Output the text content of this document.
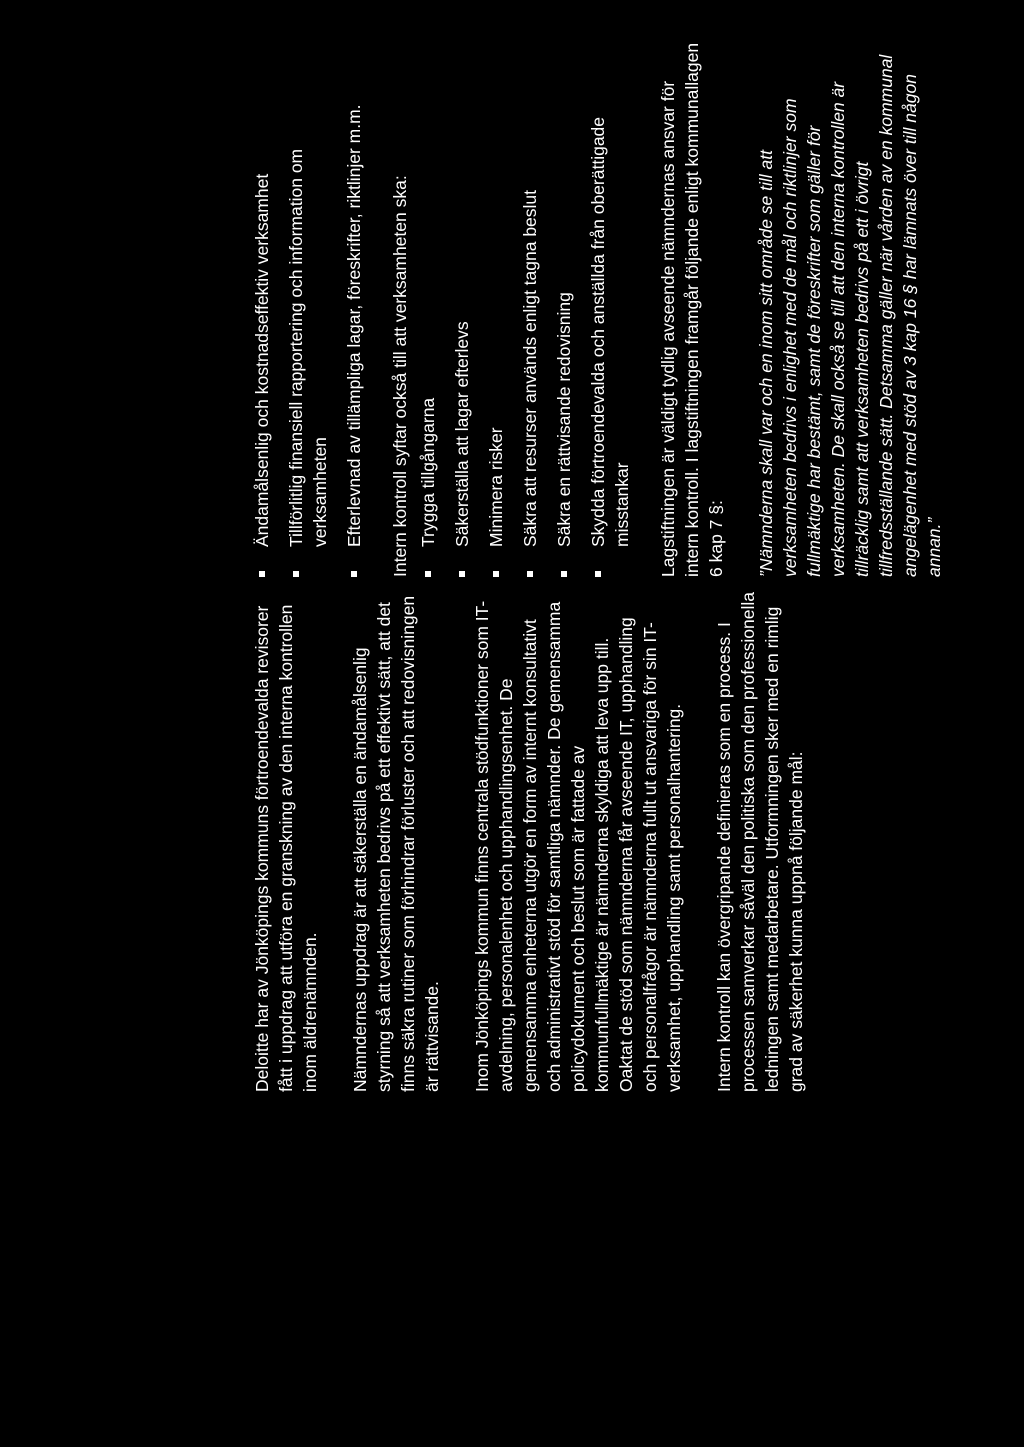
Deloitte har av Jönköpings kommuns förtroendevalda revisorer fått i uppdrag att utföra en granskning av den interna kontrollen inom äldrenämnden. Nämndernas uppdrag är att säkerställa en ändamålsenlig styrning så att verksamheten bedrivs på ett effektivt sätt, att det finns säkra rutiner som förhindrar förluster och att redovisningen är rättvisande. Inom Jönköpings kommun finns centrala stödfunktioner som IT-avdelning, personalenhet och upphandlingsenhet. De gemensamma enheterna utgör en form av internt konsultativt och administrativt stöd för samtliga nämnder. De gemensamma policydokument och beslut som är fattade av kommunfullmäktige är nämnderna skyldiga att leva upp till. Oaktat de stöd som nämnderna får avseende IT, upphandling och personalfrågor är nämnderna fullt ut ansvariga för sin IT-verksamhet, upphandling samt personalhantering. Intern kontroll kan övergripande definieras som en process. I processen samverkar såväl den politiska som den professionella ledningen samt medarbetare. Utformningen sker med en rimlig grad av säkerhet kunna uppnå följande mål:

Ändamålsenlig och kostnadseffektiv verksamhet Tillförlitlig finansiell rapportering och information om verksamheten Efterlevnad av tillämpliga lagar, föreskrifter, riktlinjer m.m. Intern kontroll syftar också till att verksamheten ska: Trygga tillgångarna Säkerställa att lagar efterlevs Minimera risker Säkra att resurser används enligt tagna beslut Säkra en rättvisande redovisning Skydda förtroendevalda och anställda från oberättigade misstankar Lagstiftningen är väldigt tydlig avseende nämndernas ansvar för intern kontroll. I lagstiftningen framgår följande enligt kommunallagen 6 kap 7 §: ”Nämnderna skall var och en inom sitt område se till att verksamheten bedrivs i enlighet med de mål och riktlinjer som fullmäktige har bestämt, samt de föreskrifter som gäller för verksamheten. De skall också se till att den interna kontrollen är tillräcklig samt att verksamheten bedrivs på ett i övrigt tillfredsställande sätt. Detsamma gäller när vården av en kommunal angelägenhet med stöd av 3 kap 16 § har lämnats över till någon annan.”
